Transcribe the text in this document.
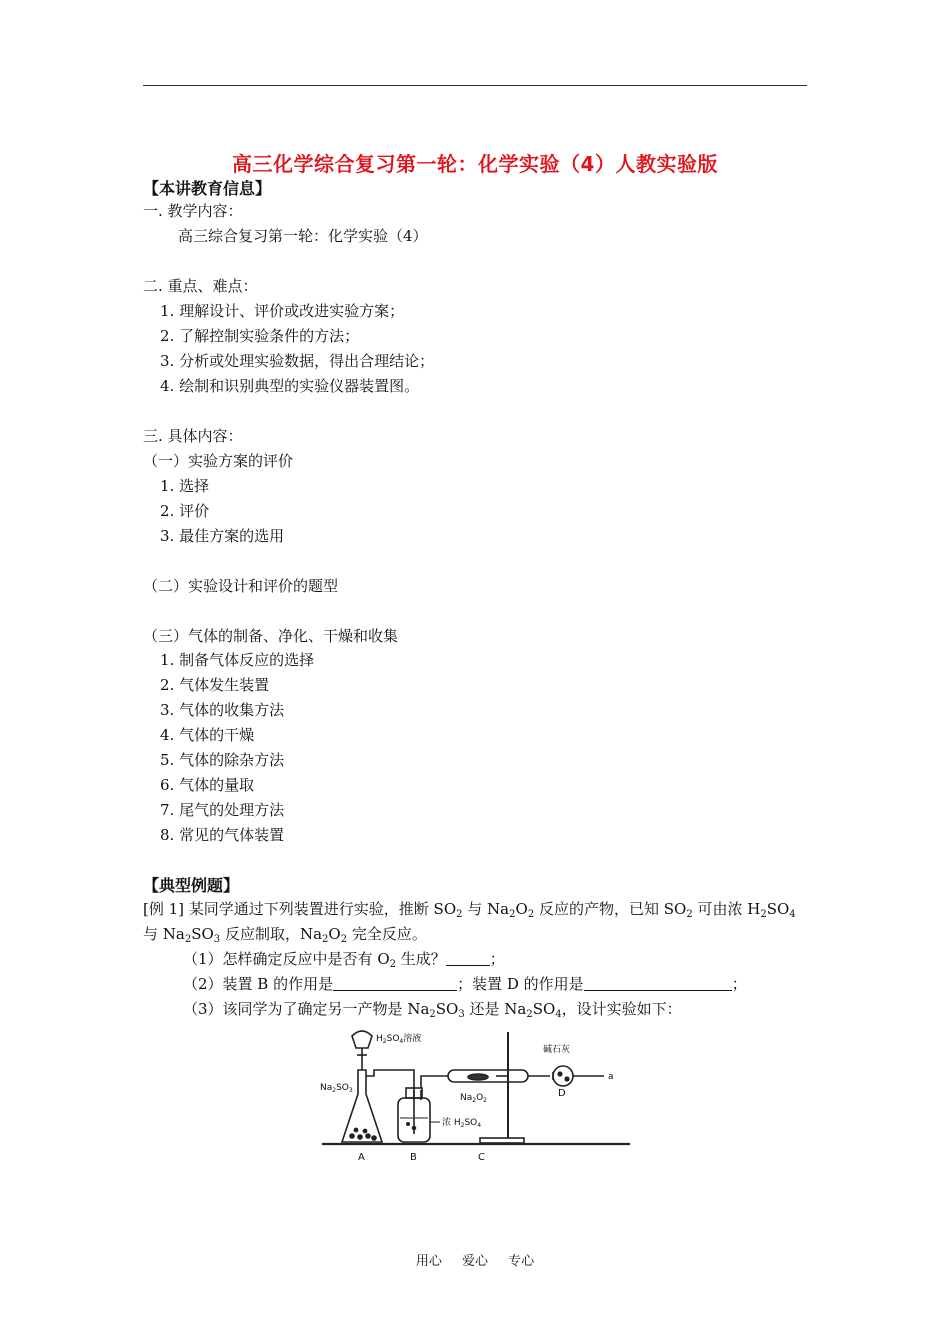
高三化学综合复习第一轮：化学实验（4）人教实验版
【本讲教育信息】
一. 教学内容：
高三综合复习第一轮：化学实验（4）
二. 重点、难点：
1. 理解设计、评价或改进实验方案；
2. 了解控制实验条件的方法；
3. 分析或处理实验数据，得出合理结论；
4. 绘制和识别典型的实验仪器装置图。
三. 具体内容：
（一）实验方案的评价
1. 选择
2. 评价
3. 最佳方案的选用
（二）实验设计和评价的题型
（三）气体的制备、净化、干燥和收集
1. 制备气体反应的选择
2. 气体发生装置
3. 气体的收集方法
4. 气体的干燥
5. 气体的除杂方法
6. 气体的量取
7. 尾气的处理方法
8. 常见的气体装置
【典型例题】
[例 1] 某同学通过下列装置进行实验，推断 $SO_2$ 与 $Na_2O_2$ 反应的产物，已知 $SO_2$ 可由浓 $H_2SO_4$
与 $Na_2SO_3$ 反应制取，$Na_2O_2$ 完全反应。
（1）怎样确定反应中是否有 $O_2$ 生成？	；
（2）装置 B 的作用是	；装置 D 的作用是	；
（3）该同学为了确定另一产物是 $Na_2SO_3$ 还是 $Na_2SO_4$，设计实验如下：
$H_2SO_4$溶液
$Na_2SO_3$
$Na_2O_2$
浓 $H_2SO_4$
碱石灰
a
A	B	C
D
用心 爱心 专心
